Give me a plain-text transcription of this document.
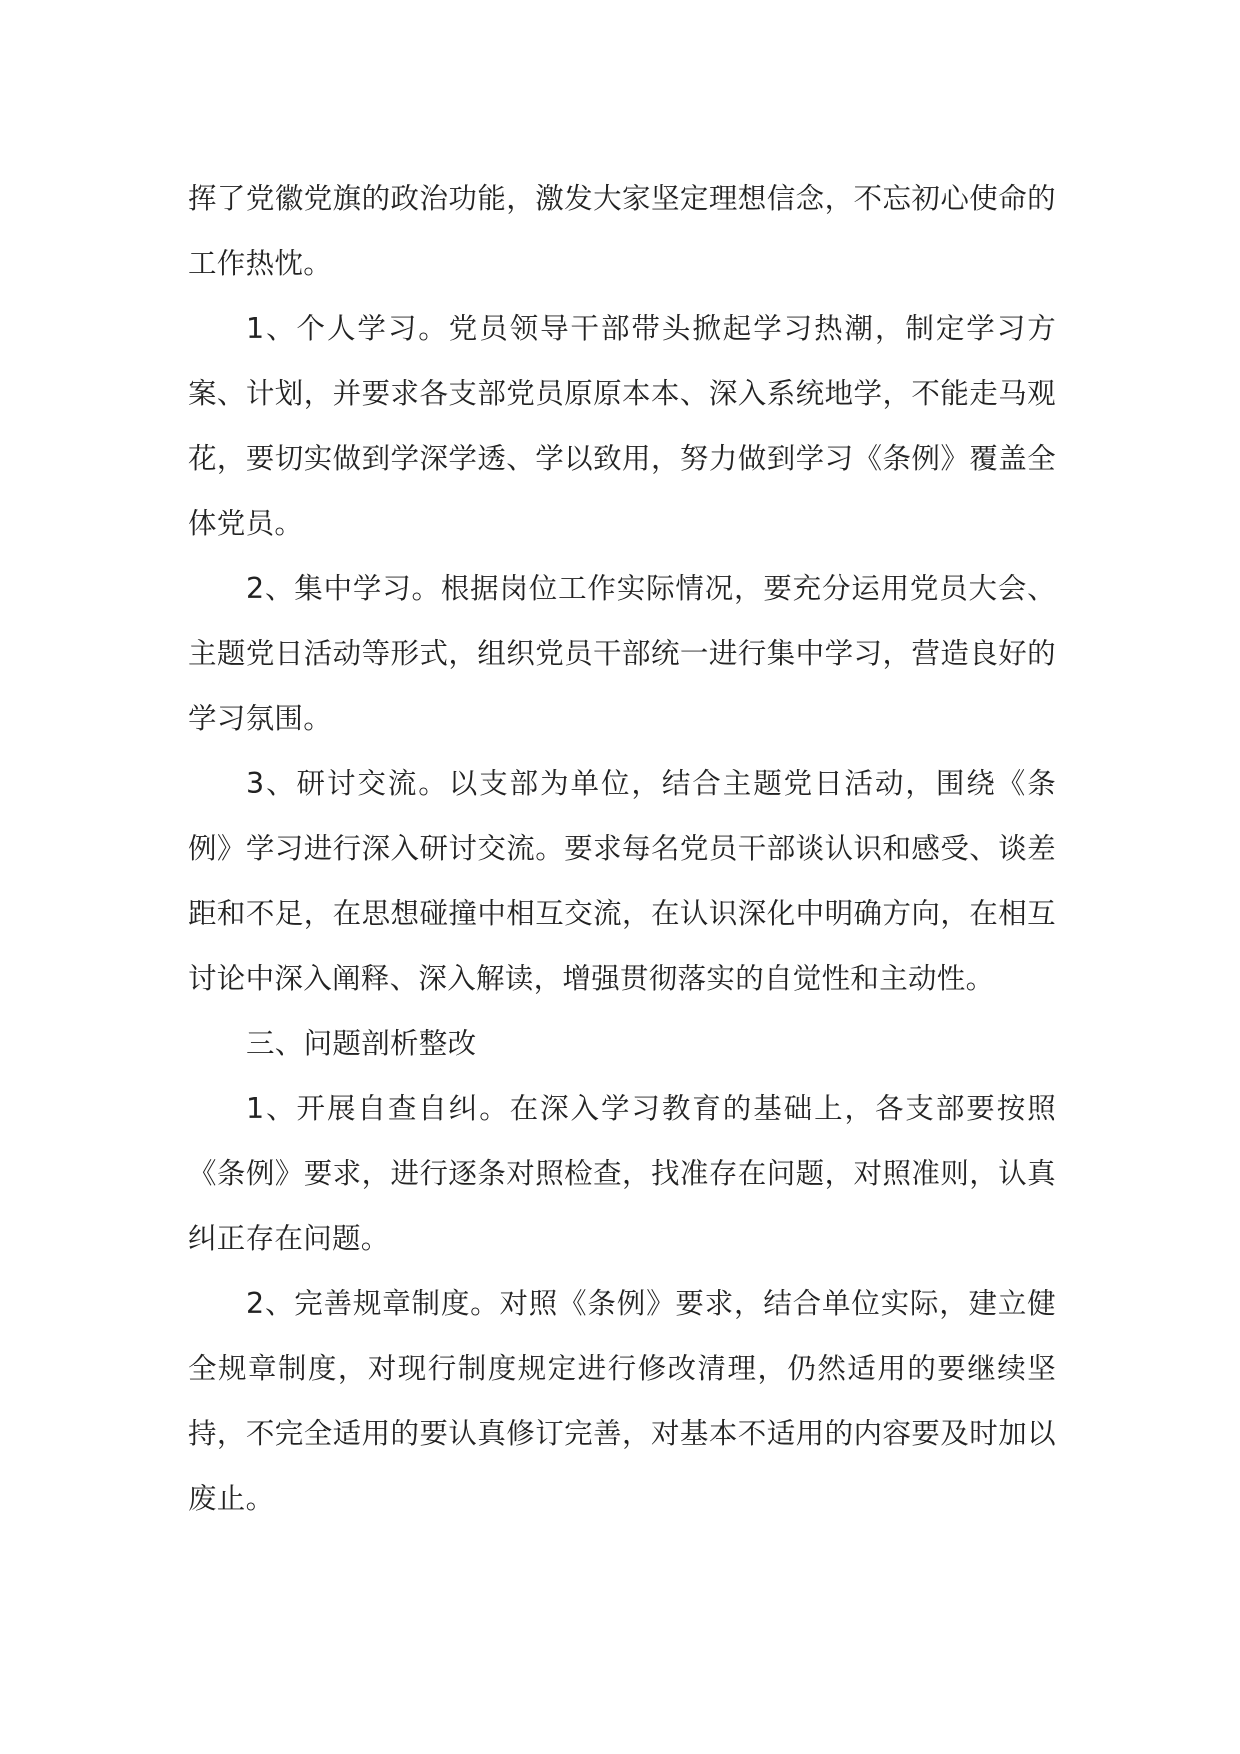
挥了党徽党旗的政治功能，激发大家坚定理想信念，不忘初心使命的工作热忱。

1、个人学习。党员领导干部带头掀起学习热潮，制定学习方案、计划，并要求各支部党员原原本本、深入系统地学，不能走马观花，要切实做到学深学透、学以致用，努力做到学习《条例》覆盖全体党员。

2、集中学习。根据岗位工作实际情况，要充分运用党员大会、主题党日活动等形式，组织党员干部统一进行集中学习，营造良好的学习氛围。

3、研讨交流。以支部为单位，结合主题党日活动，围绕《条例》学习进行深入研讨交流。要求每名党员干部谈认识和感受、谈差距和不足，在思想碰撞中相互交流，在认识深化中明确方向，在相互讨论中深入阐释、深入解读，增强贯彻落实的自觉性和主动性。

三、问题剖析整改

1、开展自查自纠。在深入学习教育的基础上，各支部要按照《条例》要求，进行逐条对照检查，找准存在问题，对照准则，认真纠正存在问题。

2、完善规章制度。对照《条例》要求，结合单位实际，建立健全规章制度，对现行制度规定进行修改清理，仍然适用的要继续坚持，不完全适用的要认真修订完善，对基本不适用的内容要及时加以废止。
